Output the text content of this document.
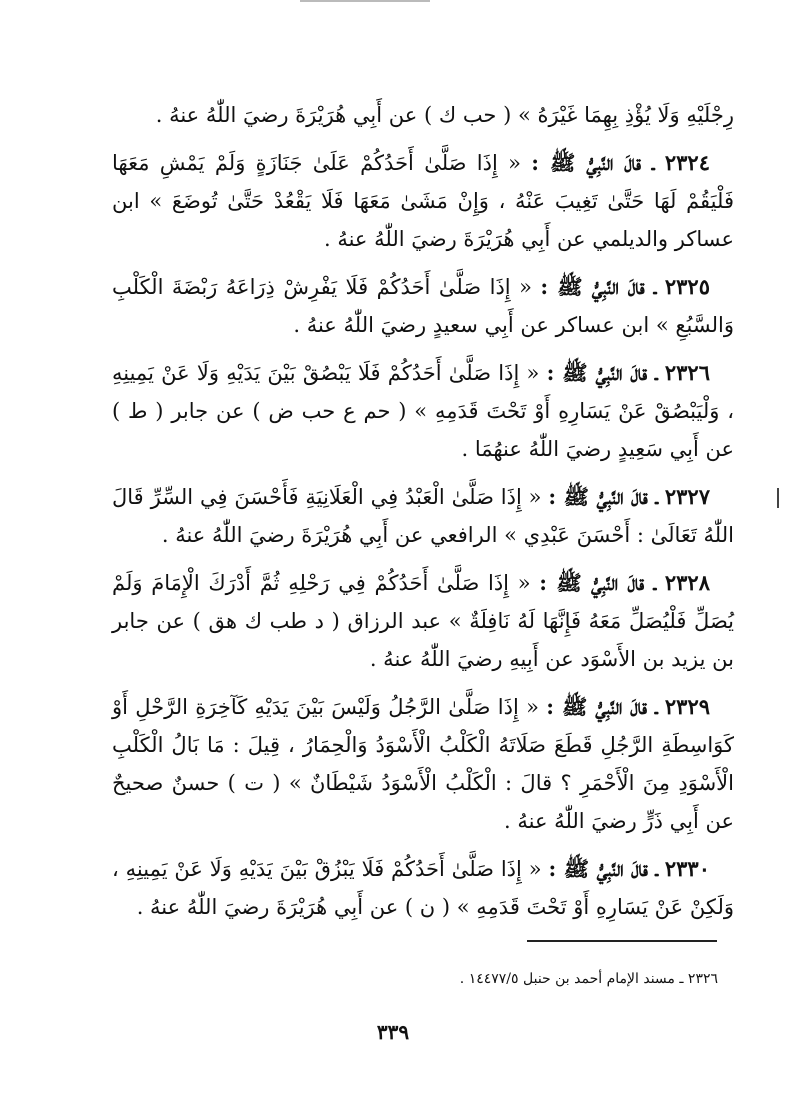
رِجْلَيْهِ وَلَا يُؤْذِ بِهِمَا غَيْرَهُ » ( حب ك ) عن أَبِي هُرَيْرَةَ رضيَ اللّٰهُ عنهُ .

٢٣٢٤ ـ قالَ النَّبِيُّ ﷺ : « إِذَا صَلَّىٰ أَحَدُكُمْ عَلَىٰ جَنَازَةٍ وَلَمْ يَمْشِ مَعَهَا فَلْيَقُمْ لَهَا حَتَّىٰ تَغِيبَ عَنْهُ ، وَإِنْ مَشَىٰ مَعَهَا فَلَا يَقْعُدْ حَتَّىٰ تُوضَعَ » ابن عساكر والديلمي عن أَبِي هُرَيْرَةَ رضيَ اللّٰهُ عنهُ .

٢٣٢٥ ـ قالَ النَّبِيُّ ﷺ : « إِذَا صَلَّىٰ أَحَدُكُمْ فَلَا يَفْرِشْ ذِرَاعَهُ رَبْضَةَ الْكَلْبِ وَالسَّبُعِ » ابن عساكر عن أَبِي سعيدٍ رضيَ اللّٰهُ عنهُ .

٢٣٢٦ ـ قالَ النَّبِيُّ ﷺ : « إِذَا صَلَّىٰ أَحَدُكُمْ فَلَا يَبْصُقْ بَيْنَ يَدَيْهِ وَلَا عَنْ يَمِينِهِ ، وَلْيَبْصُقْ عَنْ يَسَارِهِ أَوْ تَحْتَ قَدَمِهِ » ( حم ع حب ض ) عن جابر ( ط ) عن أَبِي سَعِيدٍ رضيَ اللّٰهُ عنهُمَا .

٢٣٢٧ ـ قالَ النَّبِيُّ ﷺ : « إِذَا صَلَّىٰ الْعَبْدُ فِي الْعَلَانِيَةِ فَأَحْسَنَ فِي السِّرِّ قَالَ اللّٰهُ تَعَالَىٰ : أَحْسَنَ عَبْدِي » الرافعي عن أَبِي هُرَيْرَةَ رضيَ اللّٰهُ عنهُ .

٢٣٢٨ ـ قالَ النَّبِيُّ ﷺ : « إِذَا صَلَّىٰ أَحَدُكُمْ فِي رَحْلِهِ ثُمَّ أَدْرَكَ الْإِمَامَ وَلَمْ يُصَلِّ فَلْيُصَلِّ مَعَهُ فَإِنَّهَا لَهُ نَافِلَةٌ » عبد الرزاق ( د طب ك هق ) عن جابر بن يزيد بن الأَسْوَد عن أَبِيهِ رضيَ اللّٰهُ عنهُ .

٢٣٢٩ ـ قالَ النَّبِيُّ ﷺ : « إِذَا صَلَّىٰ الرَّجُلُ وَلَيْسَ بَيْنَ يَدَيْهِ كَآخِرَةِ الرَّحْلِ أَوْ كَوَاسِطَةِ الرَّجُلِ قَطَعَ صَلَاتَهُ الْكَلْبُ الْأَسْوَدُ وَالْحِمَارُ ، قِيلَ : مَا بَالُ الْكَلْبِ الْأَسْوَدِ مِنَ الْأَحْمَرِ ؟ قالَ : الْكَلْبُ الْأَسْوَدُ شَيْطَانٌ » ( ت ) حسنٌ صحيحٌ عن أَبِي ذَرٍّ رضيَ اللّٰهُ عنهُ .

٢٣٣٠ ـ قالَ النَّبِيُّ ﷺ : « إِذَا صَلَّىٰ أَحَدُكُمْ فَلَا يَبْزُقْ بَيْنَ يَدَيْهِ وَلَا عَنْ يَمِينِهِ ، وَلَكِنْ عَنْ يَسَارِهِ أَوْ تَحْتَ قَدَمِهِ » ( ن ) عن أَبِي هُرَيْرَةَ رضيَ اللّٰهُ عنهُ .

٢٣٢٦ ـ مسند الإمام أحمد بن حنبل ١٤٤٧٧/٥ .
٣٣٩
